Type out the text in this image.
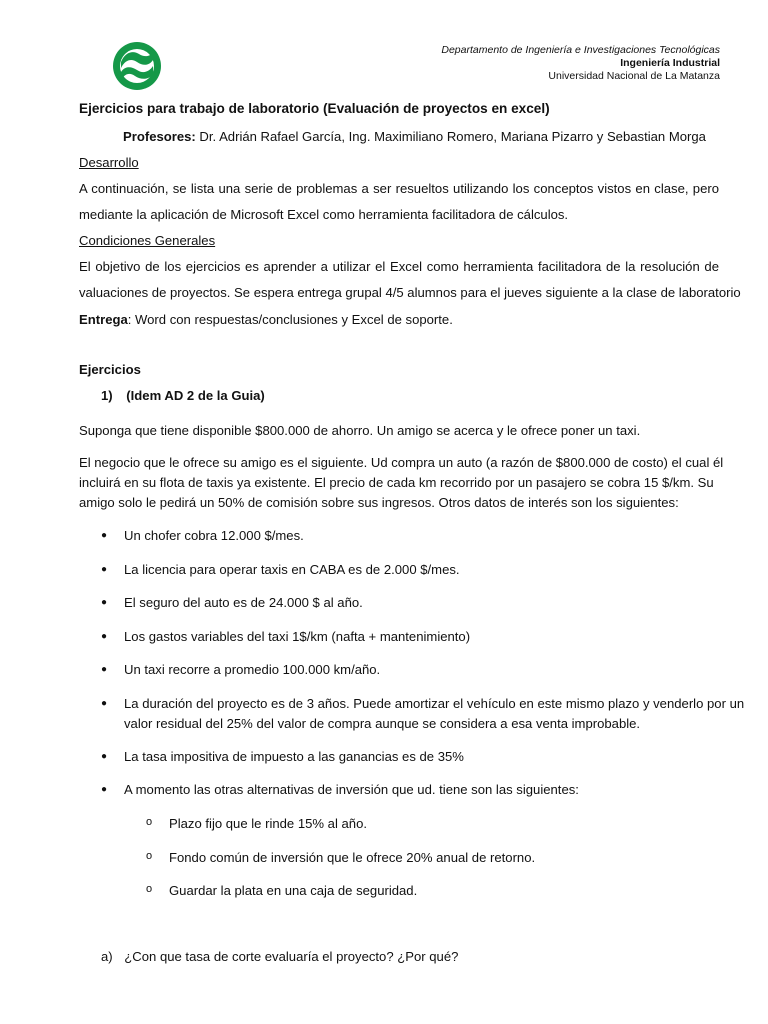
Departamento de Ingeniería e Investigaciones Tecnológicas
Ingeniería Industrial
Universidad Nacional de La Matanza
Ejercicios para trabajo de laboratorio (Evaluación de proyectos en excel)
Profesores: Dr. Adrián Rafael García, Ing. Maximiliano Romero, Mariana Pizarro y Sebastian Morga
Desarrollo
A continuación, se lista una serie de problemas a ser resueltos utilizando los conceptos vistos en clase, pero
mediante la aplicación de Microsoft Excel como herramienta facilitadora de cálculos.
Condiciones Generales
El objetivo de los ejercicios es aprender a utilizar el Excel como herramienta facilitadora de la resolución de
valuaciones de proyectos. Se espera entrega grupal 4/5 alumnos para el jueves siguiente a la clase de laboratorio
Entrega: Word con respuestas/conclusiones y Excel de soporte.
Ejercicios
1) (Idem AD 2 de la Guia)
Suponga que tiene disponible $800.000 de ahorro. Un amigo se acerca y le ofrece poner un taxi.
El negocio que le ofrece su amigo es el siguiente. Ud compra un auto (a razón de $800.000 de costo) el cual él
incluirá en su flota de taxis ya existente. El precio de cada km recorrido por un pasajero se cobra 15 $/km. Su
amigo solo le pedirá un 50% de comisión sobre sus ingresos. Otros datos de interés son los siguientes:
● Un chofer cobra 12.000 $/mes.
● La licencia para operar taxis en CABA es de 2.000 $/mes.
● El seguro del auto es de 24.000 $ al año.
● Los gastos variables del taxi 1$/km (nafta + mantenimiento)
● Un taxi recorre a promedio 100.000 km/año.
● La duración del proyecto es de 3 años. Puede amortizar el vehículo en este mismo plazo y venderlo por un
valor residual del 25% del valor de compra aunque se considera a esa venta improbable.
● La tasa impositiva de impuesto a las ganancias es de 35%
● A momento las otras alternativas de inversión que ud. tiene son las siguientes:
o Plazo fijo que le rinde 15% al año.
o Fondo común de inversión que le ofrece 20% anual de retorno.
o Guardar la plata en una caja de seguridad.
a) ¿Con que tasa de corte evaluaría el proyecto? ¿Por qué?
